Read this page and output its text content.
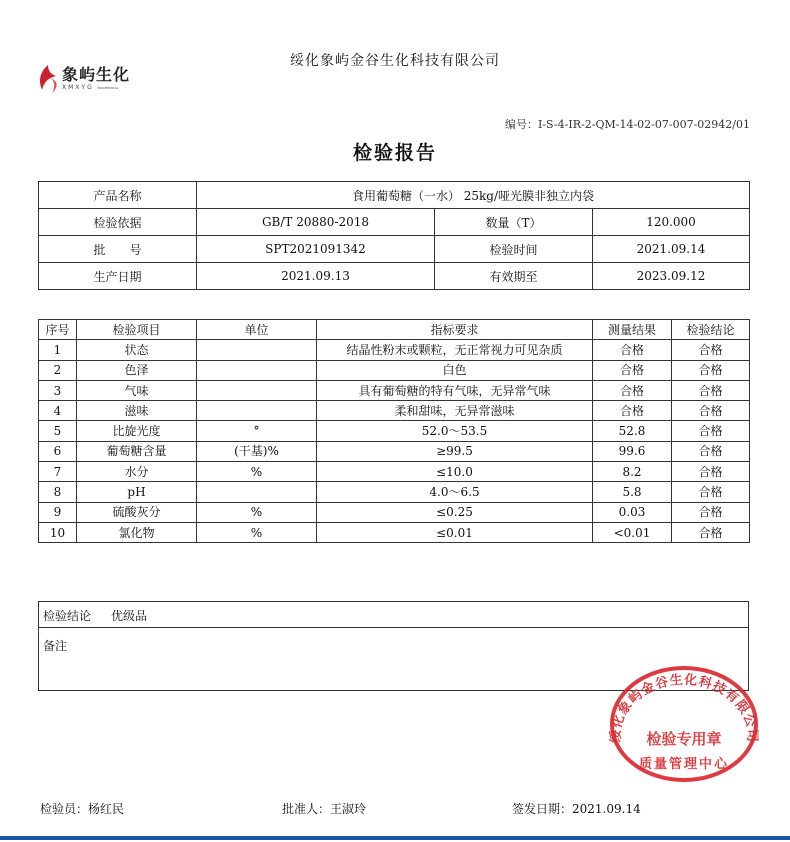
绥化象屿金谷生化科技有限公司
象屿生化
XMXYG BIOCHEMICAL
编号：I-S-4-IR-2-QM-14-02-07-007-02942/01
检验报告
产品名称	食用葡萄糖（一水） 25kg/哑光膜非独立内袋		
检验依据	GB/T 20880-2018	数量（T）	120.000
批　　号	SPT2021091342	检验时间	2021.09.14
生产日期	2021.09.13	有效期至	2023.09.12
序号	检验项目	单位	指标要求	测量结果	检验结论
1	状态		结晶性粉末或颗粒，无正常视力可见杂质	合格	合格
2	色泽		白色	合格	合格
3	气味		具有葡萄糖的特有气味，无异常气味	合格	合格
4	滋味		柔和甜味，无异常滋味	合格	合格
5	比旋光度	°	52.0～53.5	52.8	合格
6	葡萄糖含量	(干基)%	≥99.5	99.6	合格
7	水分	%	≤10.0	8.2	合格
8	pH		4.0～6.5	5.8	合格
9	硫酸灰分	%	≤0.25	0.03	合格
10	氯化物	%	≤0.01	<0.01	合格
检验结论 优级品
备注
绥化象屿金谷生化科技有限公司
检验专用章
质量管理中心
检验员：杨红民	批准人：王淑玲	签发日期：2021.09.14
